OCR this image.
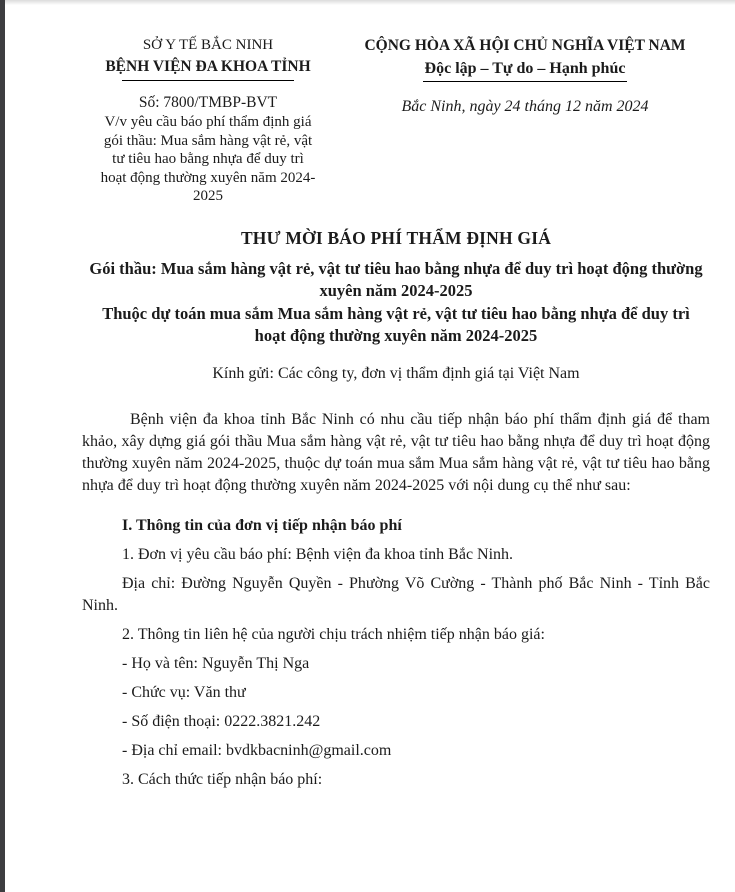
SỞ Y TẾ BẮC NINH
BỆNH VIỆN ĐA KHOA TỈNH
Số: 7800/TMBP-BVT
V/v yêu cầu báo phí thẩm định giá gói thầu: Mua sắm hàng vật rẻ, vật tư tiêu hao bằng nhựa để duy trì hoạt động thường xuyên năm 2024-2025
CỘNG HÒA XÃ HỘI CHỦ NGHĨA VIỆT NAM
Độc lập – Tự do – Hạnh phúc
Bắc Ninh, ngày 24 tháng 12 năm 2024
THƯ MỜI BÁO PHÍ THẨM ĐỊNH GIÁ

Gói thầu: Mua sắm hàng vật rẻ, vật tư tiêu hao bằng nhựa để duy trì hoạt động thường xuyên năm 2024-2025

Thuộc dự toán mua sắm Mua sắm hàng vật rẻ, vật tư tiêu hao bằng nhựa để duy trì hoạt động thường xuyên năm 2024-2025

Kính gửi: Các công ty, đơn vị thẩm định giá tại Việt Nam

Bệnh viện đa khoa tỉnh Bắc Ninh có nhu cầu tiếp nhận báo phí thẩm định giá để tham khảo, xây dựng giá gói thầu Mua sắm hàng vật rẻ, vật tư tiêu hao bằng nhựa để duy trì hoạt động thường xuyên năm 2024-2025, thuộc dự toán mua sắm Mua sắm hàng vật rẻ, vật tư tiêu hao bằng nhựa để duy trì hoạt động thường xuyên năm 2024-2025 với nội dung cụ thể như sau:

I. Thông tin của đơn vị tiếp nhận báo phí

1. Đơn vị yêu cầu báo phí: Bệnh viện đa khoa tỉnh Bắc Ninh.

Địa chỉ: Đường Nguyễn Quyền - Phường Võ Cường - Thành phố Bắc Ninh - Tỉnh Bắc Ninh.

2. Thông tin liên hệ của người chịu trách nhiệm tiếp nhận báo giá:

- Họ và tên: Nguyễn Thị Nga

- Chức vụ: Văn thư

- Số điện thoại: 0222.3821.242

- Địa chỉ email: bvdkbacninh@gmail.com

3. Cách thức tiếp nhận báo phí:
